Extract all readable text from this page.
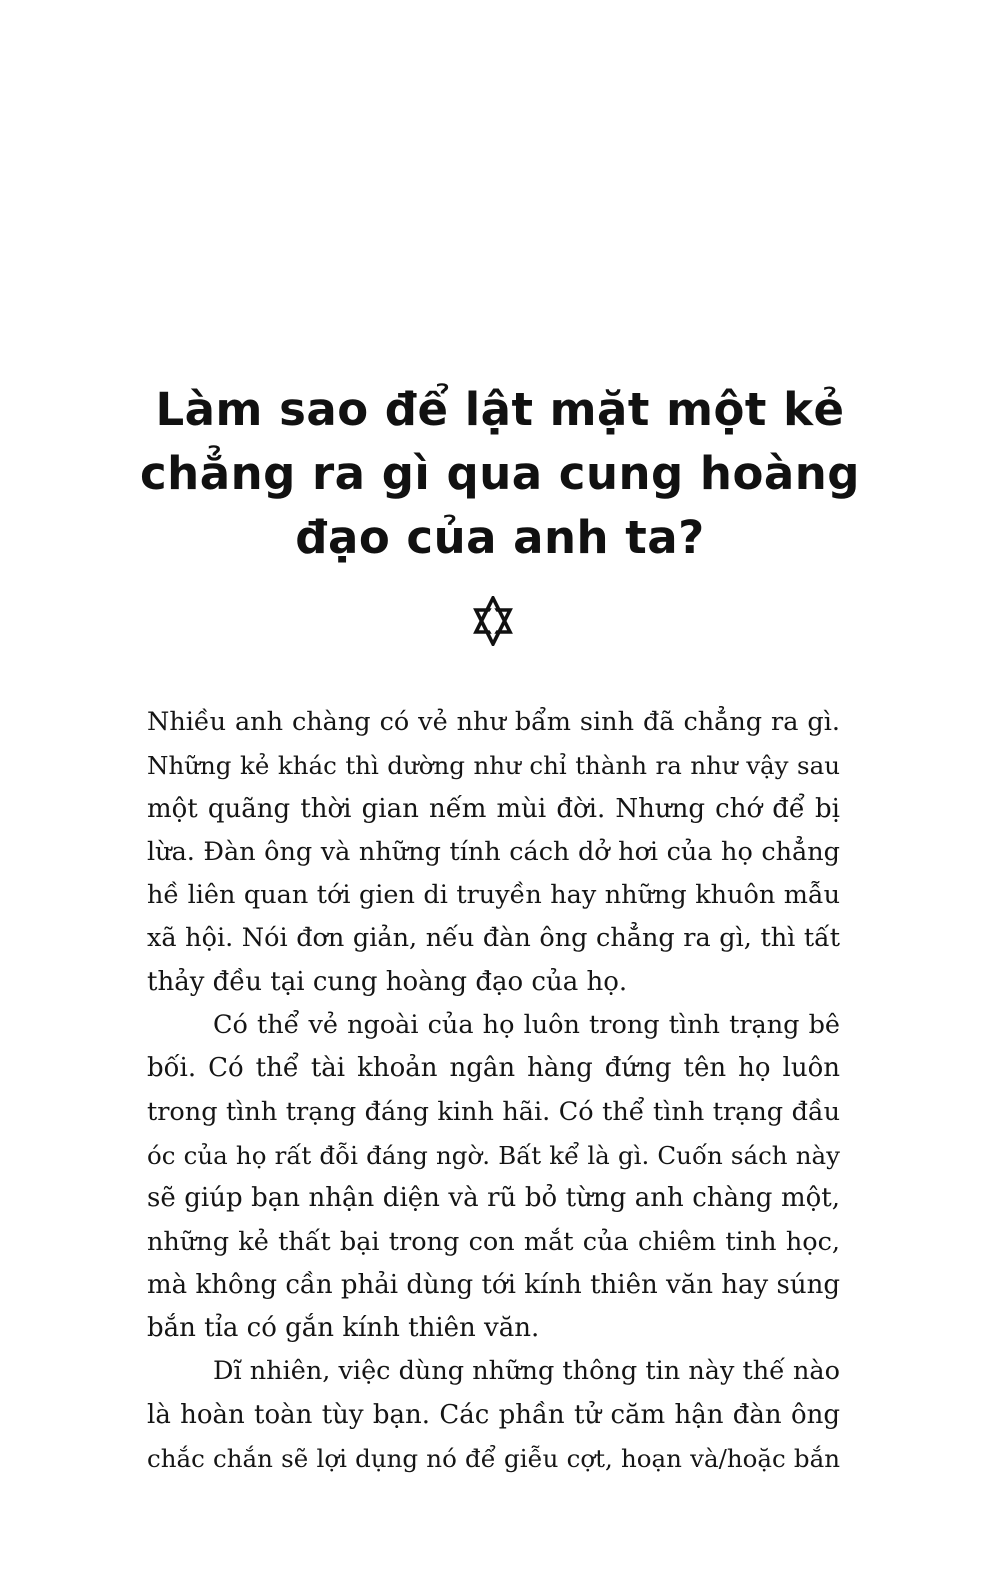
Làm sao để lật mặt một kẻ
chẳng ra gì qua cung hoàng
đạo của anh ta?
Nhiều anh chàng có vẻ như bẩm sinh đã chẳng ra gì.
Những kẻ khác thì dường như chỉ thành ra như vậy sau
một quãng thời gian nếm mùi đời. Nhưng chớ để bị
lừa. Đàn ông và những tính cách dở hơi của họ chẳng
hề liên quan tới gien di truyền hay những khuôn mẫu
xã hội. Nói đơn giản, nếu đàn ông chẳng ra gì, thì tất
thảy đều tại cung hoàng đạo của họ.
Có thể vẻ ngoài của họ luôn trong tình trạng bê
bối. Có thể tài khoản ngân hàng đứng tên họ luôn
trong tình trạng đáng kinh hãi. Có thể tình trạng đầu
óc của họ rất đỗi đáng ngờ. Bất kể là gì. Cuốn sách này
sẽ giúp bạn nhận diện và rũ bỏ từng anh chàng một,
những kẻ thất bại trong con mắt của chiêm tinh học,
mà không cần phải dùng tới kính thiên văn hay súng
bắn tỉa có gắn kính thiên văn.
Dĩ nhiên, việc dùng những thông tin này thế nào
là hoàn toàn tùy bạn. Các phần tử căm hận đàn ông
chắc chắn sẽ lợi dụng nó để giễu cợt, hoạn và/hoặc bắn
